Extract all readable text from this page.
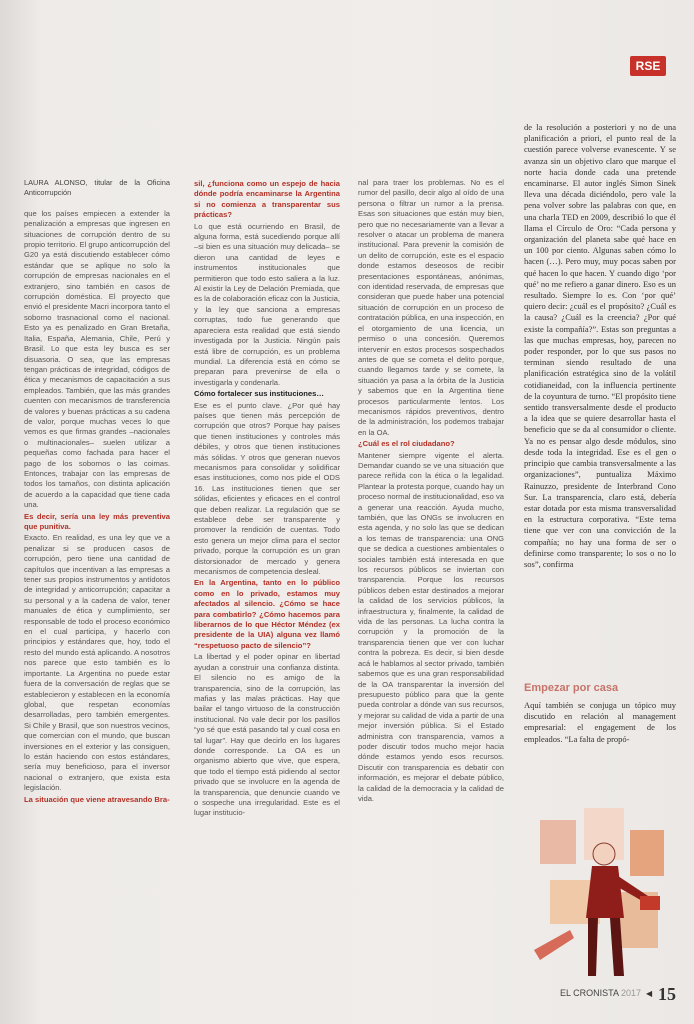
RSE
LAURA ALONSO, titular de la Oficina Anticorrupción

que los países empiecen a extender la penalización a empresas que ingresen en situaciones de corrupción dentro de su propio territorio. El grupo anticorrupción del G20 ya está discutiendo establecer cómo estándar que se aplique no solo la corrupción de empresas nacionales en el extranjero, sino también en casos de corrupción doméstica. El proyecto que envió el presidente Macri incorpora tanto el soborno trasnacional como el nacional. Esto ya es penalizado en Gran Bretaña, Italia, España, Alemania, Chile, Perú y Brasil. Lo que esta ley busca es ser disuasoria. O sea, que las empresas tengan prácticas de integridad, códigos de ética y mecanismos de capacitación a sus empleados. También, que las más grandes cuenten con mecanismos de transferencia de valores y buenas prácticas a su cadena de valor, porque muchas veces lo que vemos es que firmas grandes –nacionales o multinacionales– suelen utilizar a pequeñas como fachada para hacer el pago de los sobornos o las coimas. Entonces, trabajar con las empresas de todos los tamaños, con distinta aplicación de acuerdo a la capacidad que tiene cada una.

Es decir, sería una ley más preventiva que punitiva.

Exacto. En realidad, es una ley que ve a penalizar si se producen casos de corrupción, pero tiene una cantidad de capítulos que incentivan a las empresas a tener sus propios instrumentos y antídotos de integridad y anticorrupción; capacitar a su personal y a la cadena de valor, tener manuales de ética y cumplimiento, ser responsable de todo el proceso económico en el cual participa, y hacerlo con principios y estándares que, hoy, todo el resto del mundo está aplicando. A nosotros nos parece que esto también es lo importante. La Argentina no puede estar fuera de la conversación de reglas que se establecieron y establecen en la economía global, que respetan economías desarrolladas, pero también emergentes. Si Chile y Brasil, que son nuestros vecinos, que comercian con el mundo, que buscan inversiones en el exterior y las consiguen, lo están haciendo con estos estándares, sería muy beneficioso, para el inversor nacional o extranjero, que exista esta legislación.

La situación que viene atravesando Bra-

sil, ¿funciona como un espejo de hacia dónde podría encaminarse la Argentina si no comienza a transparentar sus prácticas?

Lo que está ocurriendo en Brasil, de alguna forma, está sucediendo porque allí –si bien es una situación muy delicada– se dieron una cantidad de leyes e instrumentos institucionales que permitieron que todo esto saliera a la luz. Al existir la Ley de Delación Premiada, que es la de colaboración eficaz con la Justicia, y la ley que sanciona a empresas corruptas, todo fue generando que apareciera esta realidad que está siendo investigada por la Justicia. Ningún país está libre de corrupción, es un problema mundial. La diferencia está en cómo se preparan para prevenirse de ella o investigarla y condenarla.

Cómo fortalecer sus instituciones…

Ese es el punto clave. ¿Por qué hay países que tienen más percepción de corrupción que otros? Porque hay países que tienen instituciones y controles más débiles, y otros que tienen instituciones más sólidas. Y otros que generan nuevos mecanismos para consolidar y solidificar esas instituciones, como nos pide el ODS 16. Las instituciones tienen que ser sólidas, eficientes y eficaces en el control que deben realizar. La regulación que se establece debe ser transparente y promover la rendición de cuentas. Todo esto genera un mejor clima para el sector privado, porque la corrupción es un gran distorsionador de mercado y genera mecanismos de competencia desleal.

En la Argentina, tanto en lo público como en lo privado, estamos muy afectados al silencio. ¿Cómo se hace para combatirlo? ¿Cómo hacemos para liberarnos de lo que Héctor Méndez (ex presidente de la UIA) alguna vez llamó “respetuoso pacto de silencio”?

La libertad y el poder opinar en libertad ayudan a construir una confianza distinta. El silencio no es amigo de la transparencia, sino de la corrupción, las mafias y las malas prácticas. Hay que bailar el tango virtuoso de la construcción institucional. No vale decir por los pasillos “yo sé que está pasando tal y cual cosa en tal lugar”. Hay que decirlo en los lugares donde corresponde. La OA es un organismo abierto que vive, que espera, que todo el tiempo está pidiendo al sector privado que se involucre en la agenda de la transparencia, que denuncie cuando ve o sospeche una irregularidad. Este es el lugar institucio-

nal para traer los problemas. No es el rumor del pasillo, decir algo al oído de una persona o filtrar un rumor a la prensa. Esas son situaciones que están muy bien, pero que no necesariamente van a llevar a resolver o atacar un problema de manera institucional. Para prevenir la comisión de un delito de corrupción, este es el espacio donde estamos deseosos de recibir presentaciones espontáneas, anónimas, con identidad reservada, de empresas que consideran que puede haber una potencial situación de corrupción en un proceso de contratación pública, en una inspección, en el otorgamiento de una licencia, un permiso o una concesión. Queremos intervenir en estos procesos sospechados antes de que se cometa el delito porque, cuando llegamos tarde y se comete, la situación ya pasa a la órbita de la Justicia y sabemos que en la Argentina tiene procesos particularmente lentos. Los mecanismos rápidos preventivos, dentro de la administración, los podemos trabajar en la OA.

¿Cuál es el rol ciudadano?

Mantener siempre vigente el alerta. Demandar cuando se ve una situación que parece reñida con la ética o la legalidad. Plantear la protesta porque, cuando hay un proceso normal de institucionalidad, eso va a generar una reacción. Ayuda mucho, también, que las ONGs se involucren en esta agenda, y no solo las que se dedican a los temas de transparencia: una ONG que se dedica a cuestiones ambientales o sociales también está interesada en que los recursos públicos se inviertan con transparencia. Porque los recursos públicos deben estar destinados a mejorar la calidad de los servicios públicos, la infraestructura y, finalmente, la calidad de vida de las personas. La lucha contra la corrupción y la promoción de la transparencia tienen que ver con luchar contra la pobreza. Es decir, si bien desde acá le hablamos al sector privado, también sabemos que es una gran responsabilidad de la OA transparentar la inversión del presupuesto público para que la gente pueda controlar a dónde van sus recursos, y mejorar su calidad de vida a partir de una mejor inversión pública. Si el Estado administra con transparencia, vamos a poder discutir todos mucho mejor hacia dónde estamos yendo esos recursos. Discutir con transparencia es debatir con información, es mejorar el debate público, la calidad de la democracia y la calidad de vida.

de la resolución a posteriori y no de una planificación a priori, el punto real de la cuestión parece volverse evanescente. Y se avanza sin un objetivo claro que marque el norte hacia donde cada una pretende encaminarse. El autor inglés Simon Sinek lleva una década diciéndolo, pero vale la pena volver sobre las palabras con que, en una charla TED en 2009, describió lo que él llama el Círculo de Oro: “Cada persona y organización del planeta sabe qué hace en un 100 por ciento. Algunas saben cómo lo hacen (…). Pero muy, muy pocas saben por qué hacen lo que hacen. Y cuando digo ‘por qué’ no me refiero a ganar dinero. Eso es un resultado. Siempre lo es. Con ‘por qué’ quiero decir: ¿cuál es el propósito? ¿Cuál es la causa? ¿Cuál es la creencia? ¿Por qué existe la compañía?”. Estas son preguntas a las que muchas empresas, hoy, parecen no poder responder, por lo que sus pasos no terminan siendo resultado de una planificación estratégica sino de la volátil cotidianeidad, con la influencia pertinente de la coyuntura de turno. “El propósito tiene sentido transversalmente desde el producto a la idea que se quiere desarrollar hasta el beneficio que se da al consumidor o cliente. Ya no es pensar algo desde módulos, sino desde toda la integridad. Ese es el gen o principio que cambia transversalmente a las organizaciones”, puntualiza Máximo Rainuzzo, presidente de Interbrand Cono Sur. La transparencia, claro está, debería estar dotada por esta misma transversalidad en la estructura corporativa. “Este tema tiene que ver con una convicción de la compañía; no hay una forma de ser o definirse como transparente; lo sos o no lo sos”, confirma

Empezar por casa

Aquí también se conjuga un tópico muy discutido en relación al management empresarial: el engagement de los empleados. “La falta de propó-

EL CRONISTA 2017 ◀ 15
